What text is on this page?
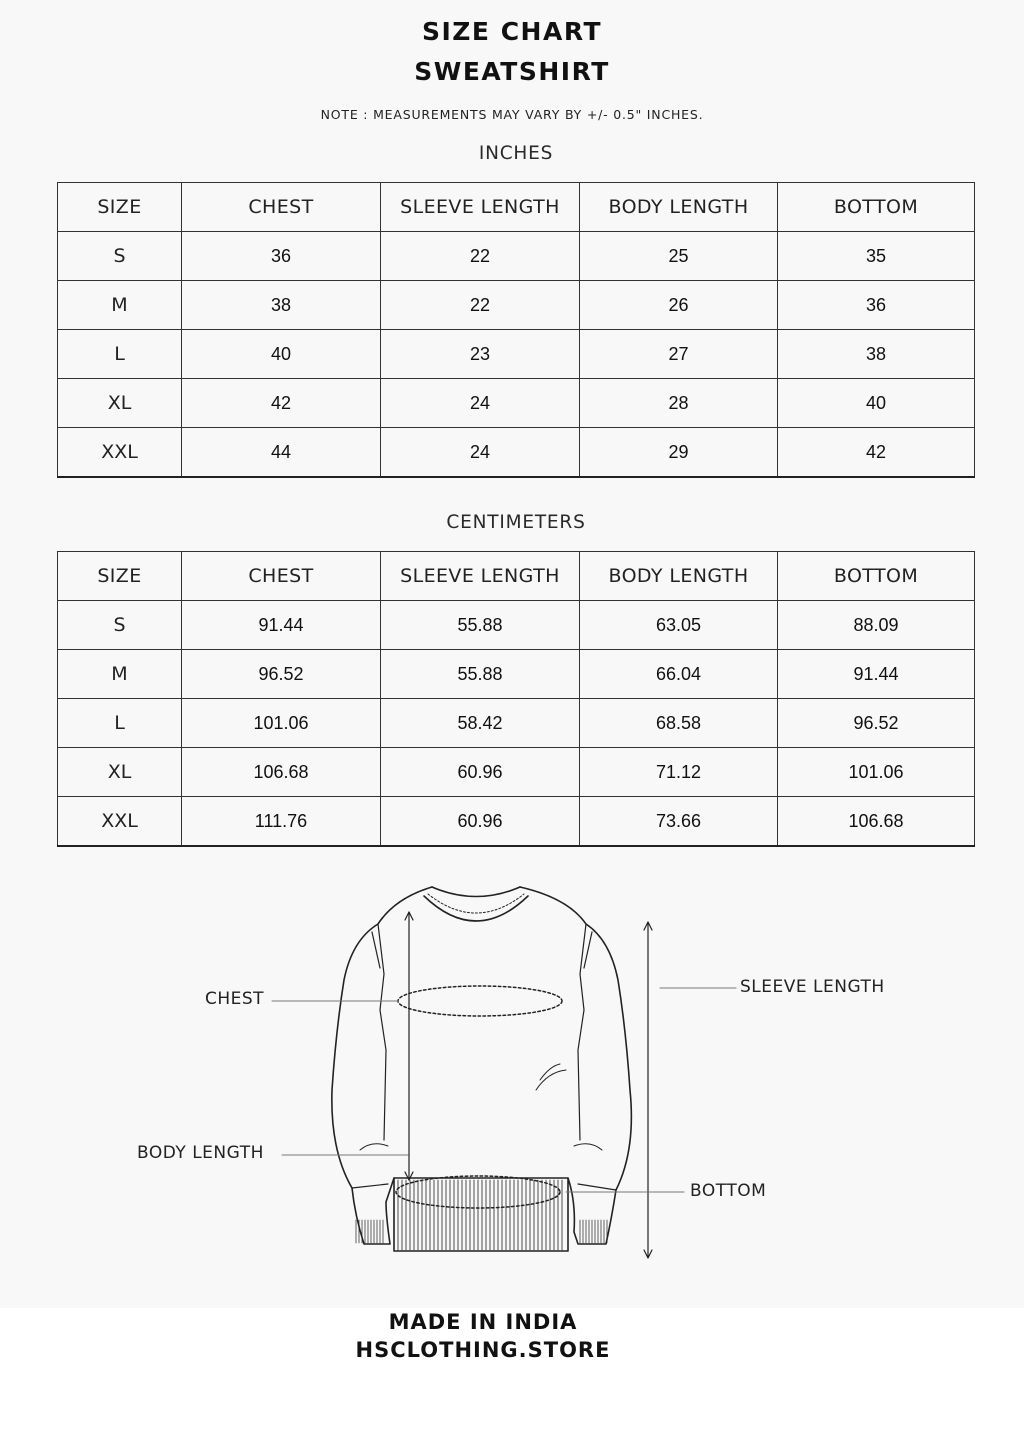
SIZE CHART
SWEATSHIRT
NOTE : MEASUREMENTS MAY VARY BY +/- 0.5" INCHES.
INCHES
SIZE	CHEST	SLEEVE LENGTH	BODY LENGTH	BOTTOM
S	36	22	25	35
M	38	22	26	36
L	40	23	27	38
XL	42	24	28	40
XXL	44	24	29	42
CENTIMETERS
SIZE	CHEST	SLEEVE LENGTH	BODY LENGTH	BOTTOM
S	91.44	55.88	63.05	88.09
M	96.52	55.88	66.04	91.44
L	101.06	58.42	68.58	96.52
XL	106.68	60.96	71.12	101.06
XXL	111.76	60.96	73.66	106.68
CHEST
SLEEVE LENGTH
BODY LENGTH
BOTTOM
MADE IN INDIA
HSCLOTHING.STORE
